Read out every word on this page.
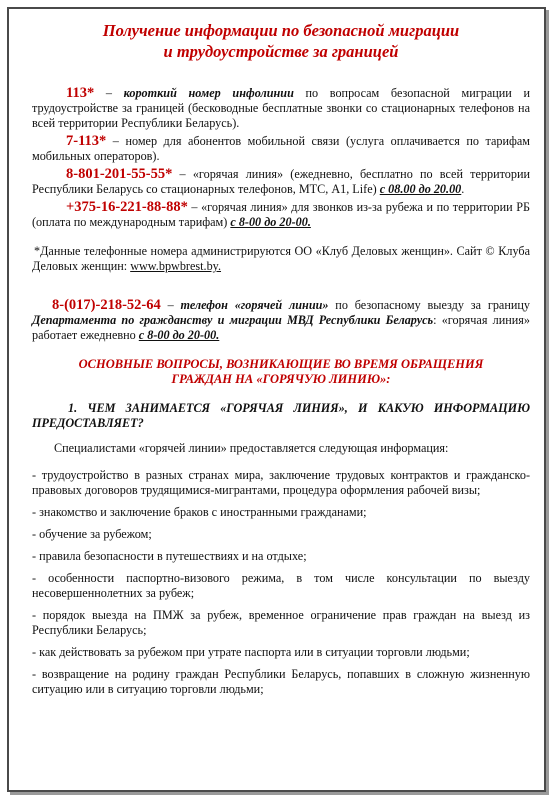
Получение информации по безопасной миграции
и трудоустройстве за границей

113* – короткий номер инфолинии по вопросам безопасной миграции и трудоустройстве за границей (бесководные бесплатные звонки со стационарных телефонов на всей территории Республики Беларусь).

7-113* – номер для абонентов мобильной связи (услуга оплачивается по тарифам мобильных операторов).

8-801-201-55-55* – «горячая линия» (ежедневно, бесплатно по всей территории Республики Беларусь со стационарных телефонов, МТС, A1, Life) с 08.00 до 20.00.

+375-16-221-88-88* – «горячая линия» для звонков из-за рубежа и по территории РБ (оплата по международным тарифам) с 8-00 до 20-00.

*Данные телефонные номера администрируются ОО «Клуб Деловых женщин». Сайт © Клуба Деловых женщин: www.bpwbrest.by.

8-(017)-218-52-64 – телефон «горячей линии» по безопасному выезду за границу Департамента по гражданству и миграции МВД Республики Беларусь: «горячая линия» работает ежедневно с 8-00 до 20-00.

ОСНОВНЫЕ ВОПРОСЫ, ВОЗНИКАЮЩИЕ ВО ВРЕМЯ ОБРАЩЕНИЯ
ГРАЖДАН НА «ГОРЯЧУЮ ЛИНИЮ»:

1. ЧЕМ ЗАНИМАЕТСЯ «ГОРЯЧАЯ ЛИНИЯ», И КАКУЮ ИНФОРМАЦИЮ ПРЕДОСТАВЛЯЕТ?

Специалистами «горячей линии» предоставляется следующая информация:

- трудоустройство в разных странах мира, заключение трудовых контрактов и гражданско-правовых договоров трудящимися-мигрантами, процедура оформления рабочей визы;

- знакомство и заключение браков с иностранными гражданами;

- обучение за рубежом;

- правила безопасности в путешествиях и на отдыхе;

- особенности паспортно-визового режима, в том числе консультации по выезду несовершеннолетних за рубеж;

- порядок выезда на ПМЖ за рубеж, временное ограничение прав граждан на выезд из Республики Беларусь;

- как действовать за рубежом при утрате паспорта или в ситуации торговли людьми;

- возвращение на родину граждан Республики Беларусь, попавших в сложную жизненную ситуацию или в ситуацию торговли людьми;
